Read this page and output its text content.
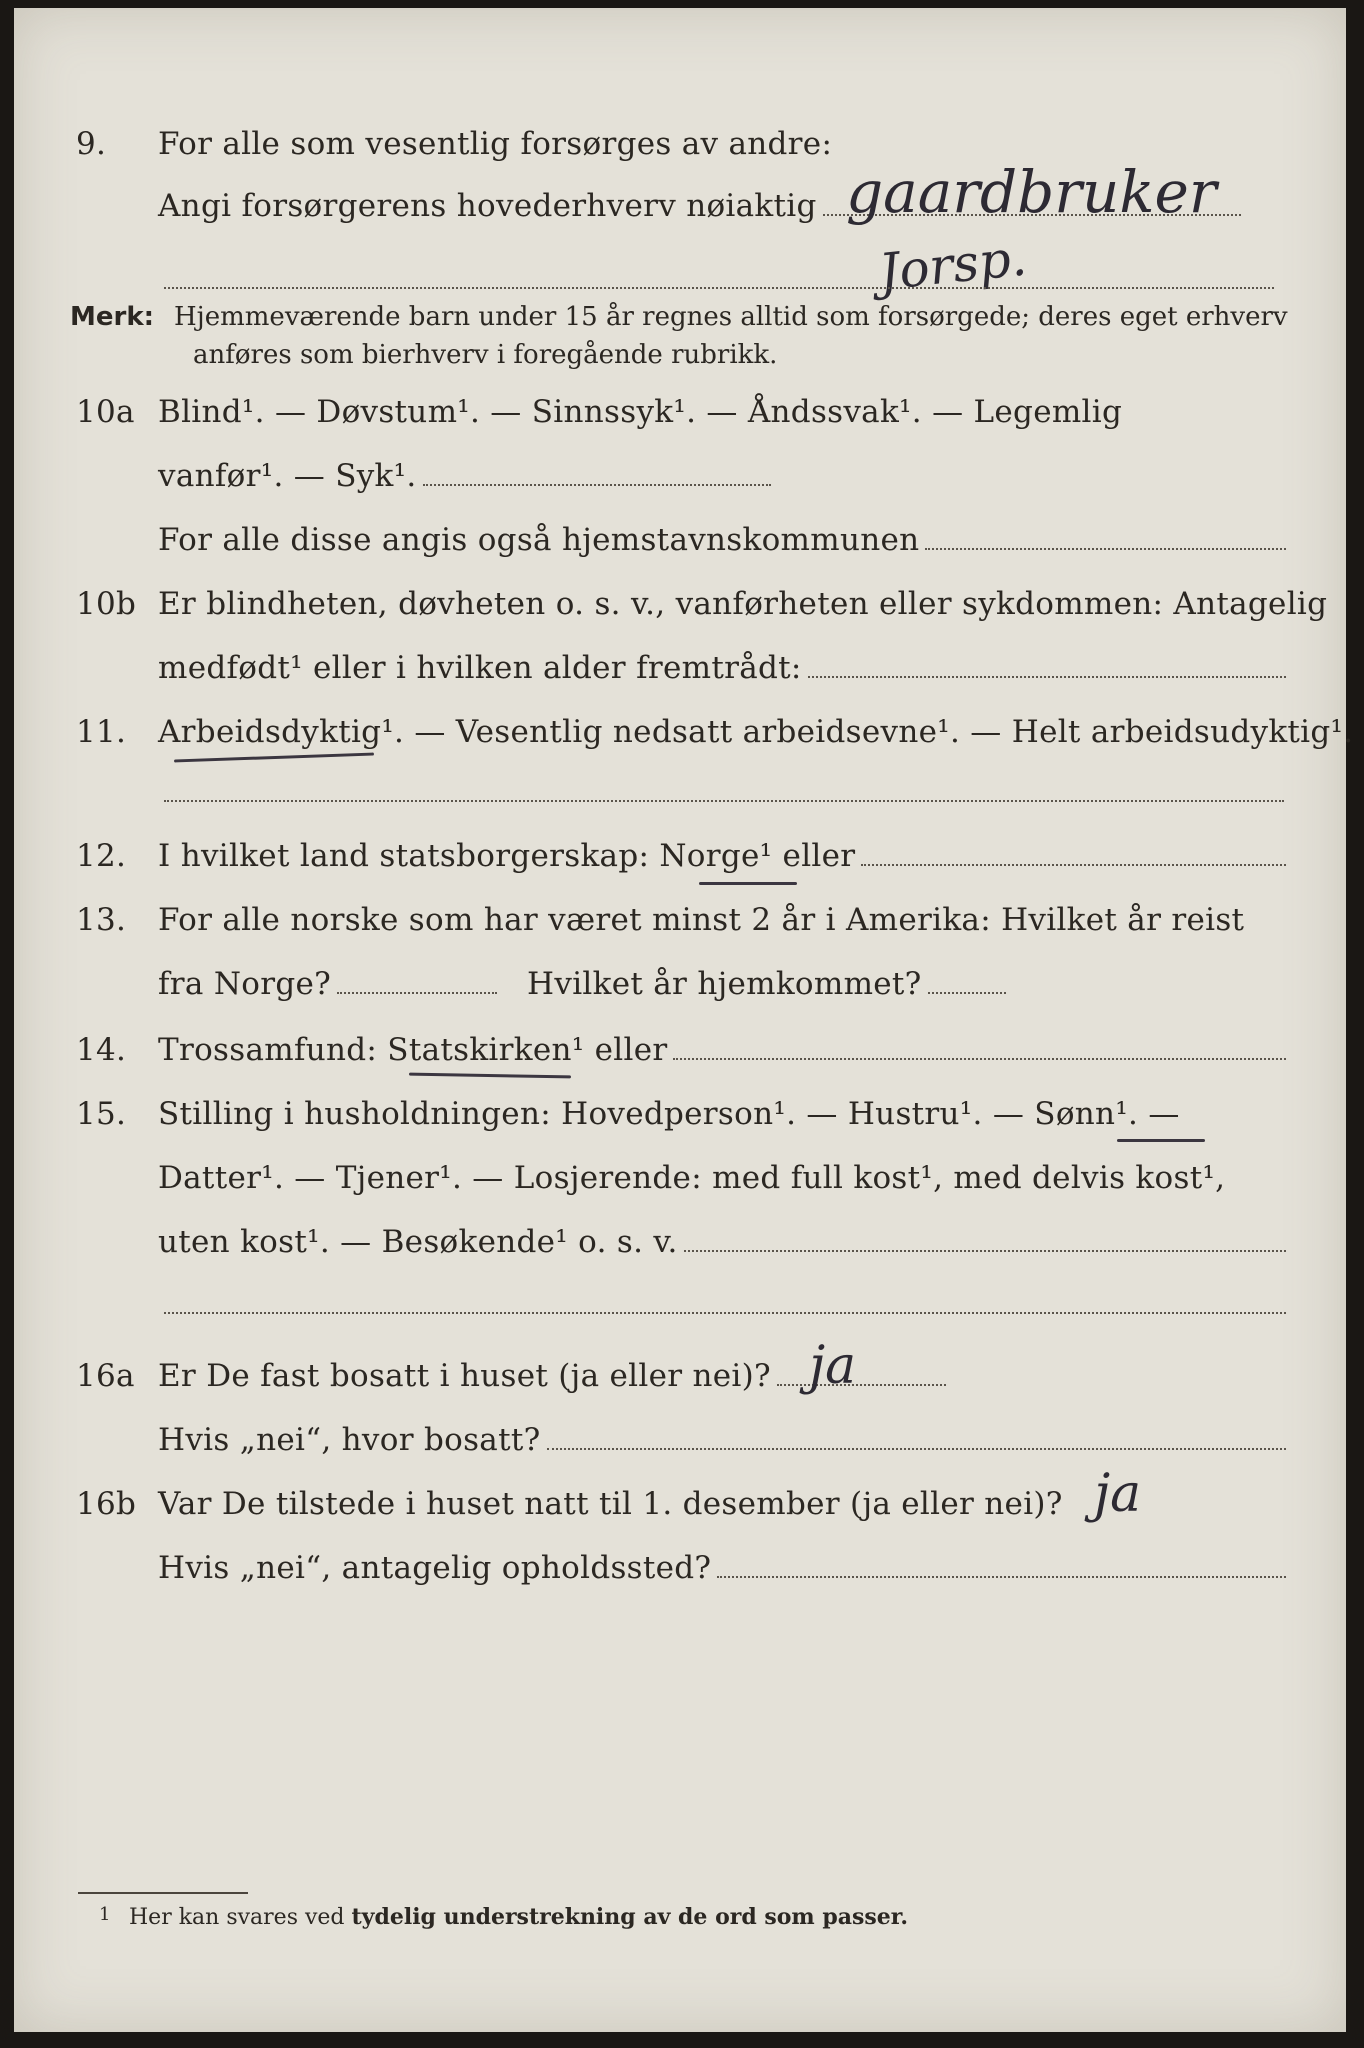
9.	For alle som vesentlig forsørges av andre:
Angi forsørgerens hovederhverv nøiaktig gaardbruker
Jorsp.
Merk: Hjemmeværende barn under 15 år regnes alltid som forsørgede; deres eget erhverv
anføres som bierhverv i foregående rubrikk.
10a Blind¹. — Døvstum¹. — Sinnssyk¹. — Åndssvak¹. — Legemlig
vanfør¹. — Syk¹.
For alle disse angis også hjemstavnskommunen
10b Er blindheten, døvheten o. s. v., vanførheten eller sykdommen: Antagelig
medfødt¹ eller i hvilken alder fremtrådt:
11.	Arbeidsdyktig¹. — Vesentlig nedsatt arbeidsevne¹. — Helt arbeidsudyktig¹.
12.	I hvilket land statsborgerskap: Norge¹ eller
13.	For alle norske som har været minst 2 år i Amerika: Hvilket år reist
fra Norge?	Hvilket år hjemkommet?
14.	Trossamfund: Statskirken¹ eller
15.	Stilling i husholdningen: Hovedperson¹. — Hustru¹. — Sønn¹. —
Datter¹. — Tjener¹. — Losjerende: med full kost¹, med delvis kost¹,
uten kost¹. — Besøkende¹ o. s. v.
16a Er De fast bosatt i huset (ja eller nei)? ja
Hvis „nei“, hvor bosatt?
16b Var De tilstede i huset natt til 1. desember (ja eller nei)? ja
Hvis „nei“, antagelig opholdssted?
1 Her kan svares ved tydelig understrekning av de ord som passer.
